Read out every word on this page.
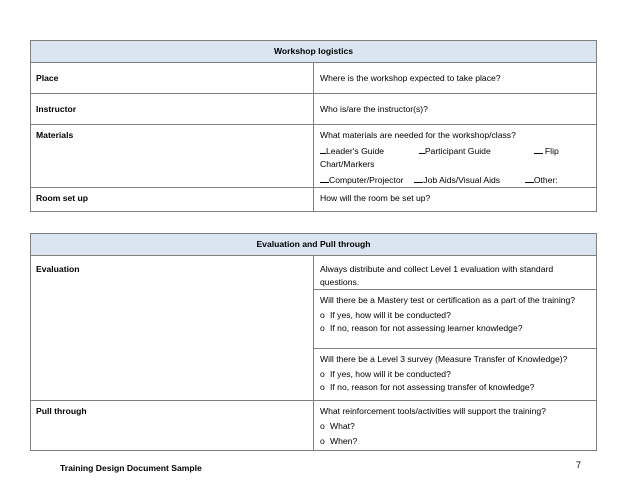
Workshop logistics	
Place	Where is the workshop expected to take place?
Instructor	Who is/are the instructor(s)?
Materials	What materials are needed for the workshop/class?
Leader's Guide Participant Guide Flip Chart/Markers
Computer/Projector Job Aids/Visual Aids Other:

Room set up	How will the room be set up?
Evaluation and Pull through	
Evaluation	Always distribute and collect Level 1 evaluation with standard questions.

	Will there be a Mastery test or certification as a part of the training?
o If yes, how will it be conducted?
o If no, reason for not assessing learner knowledge?

	Will there be a Level 3 survey (Measure Transfer of Knowledge)?
o If yes, how will it be conducted?
o If no, reason for not assessing transfer of knowledge?

Pull through	What reinforcement tools/activities will support the training?
o What?
o When?
Training Design Document Sample	7
